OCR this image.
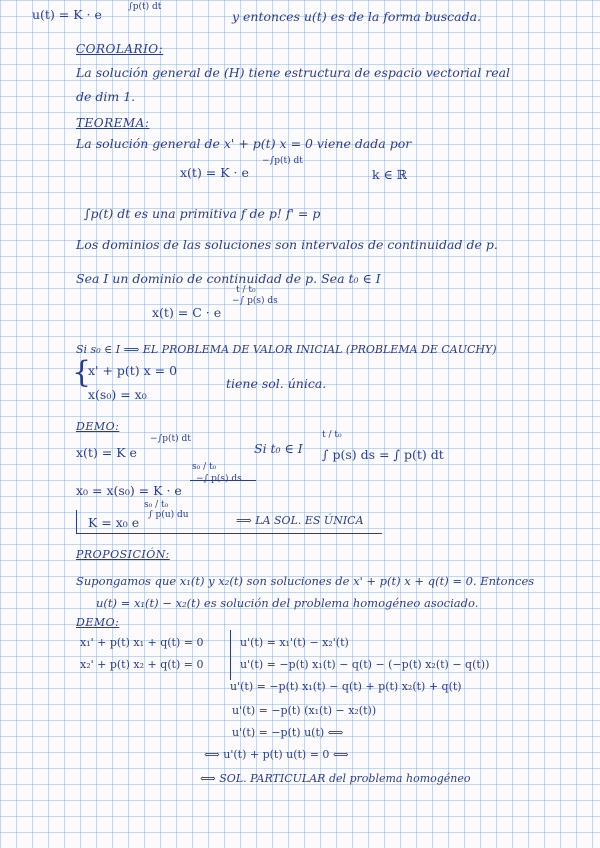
u(t) = K · e	∫p(t) dt
y entonces u(t) es de la forma buscada.
COROLARIO:
La solución general de (H) tiene estructura de espacio vectorial real
de dim 1.
TEOREMA:
La solución general de x' + p(t) x = 0 viene dada por
x(t) = K · e
−∫p(t) dt
k ∈ ℝ
∫p(t) dt es una primitiva f de p! f' = p
Los dominios de las soluciones son intervalos de continuidad de p.
Sea I un dominio de continuidad de p. Sea t₀ ∈ I
x(t) = C · e
−∫ p(s) ds
t / t₀
Si s₀ ∈ I ⟹ EL PROBLEMA DE VALOR INICIAL (PROBLEMA DE CAUCHY)
{
x' + p(t) x = 0
x(s₀) = x₀
tiene sol. única.
DEMO:
x(t) = K e
−∫p(t) dt
Si t₀ ∈ I ∫ p(s) ds = ∫ p(t) dt
t / t₀
x₀ = x(s₀) = K · e
−∫ p(s) ds
s₀ / t₀
K = x₀ e ∫ p(u) du
s₀ / t₀
⟹ LA SOL. ES ÚNICA
PROPOSICIÓN:
Supongamos que x₁(t) y x₂(t) son soluciones de x' + p(t) x + q(t) = 0. Entonces
u(t) = x₁(t) − x₂(t) es solución del problema homogéneo asociado.
DEMO:
x₁' + p(t) x₁ + q(t) = 0
x₂' + p(t) x₂ + q(t) = 0
u'(t) = x₁'(t) − x₂'(t)
u'(t) = −p(t) x₁(t) − q(t) − (−p(t) x₂(t) − q(t))
u'(t) = −p(t) x₁(t) − q(t) + p(t) x₂(t) + q(t)
u'(t) = −p(t) (x₁(t) − x₂(t))
u'(t) = −p(t) u(t) ⟺
⟺ u'(t) + p(t) u(t) = 0 ⟺
⟺ SOL. PARTICULAR del problema homogéneo
